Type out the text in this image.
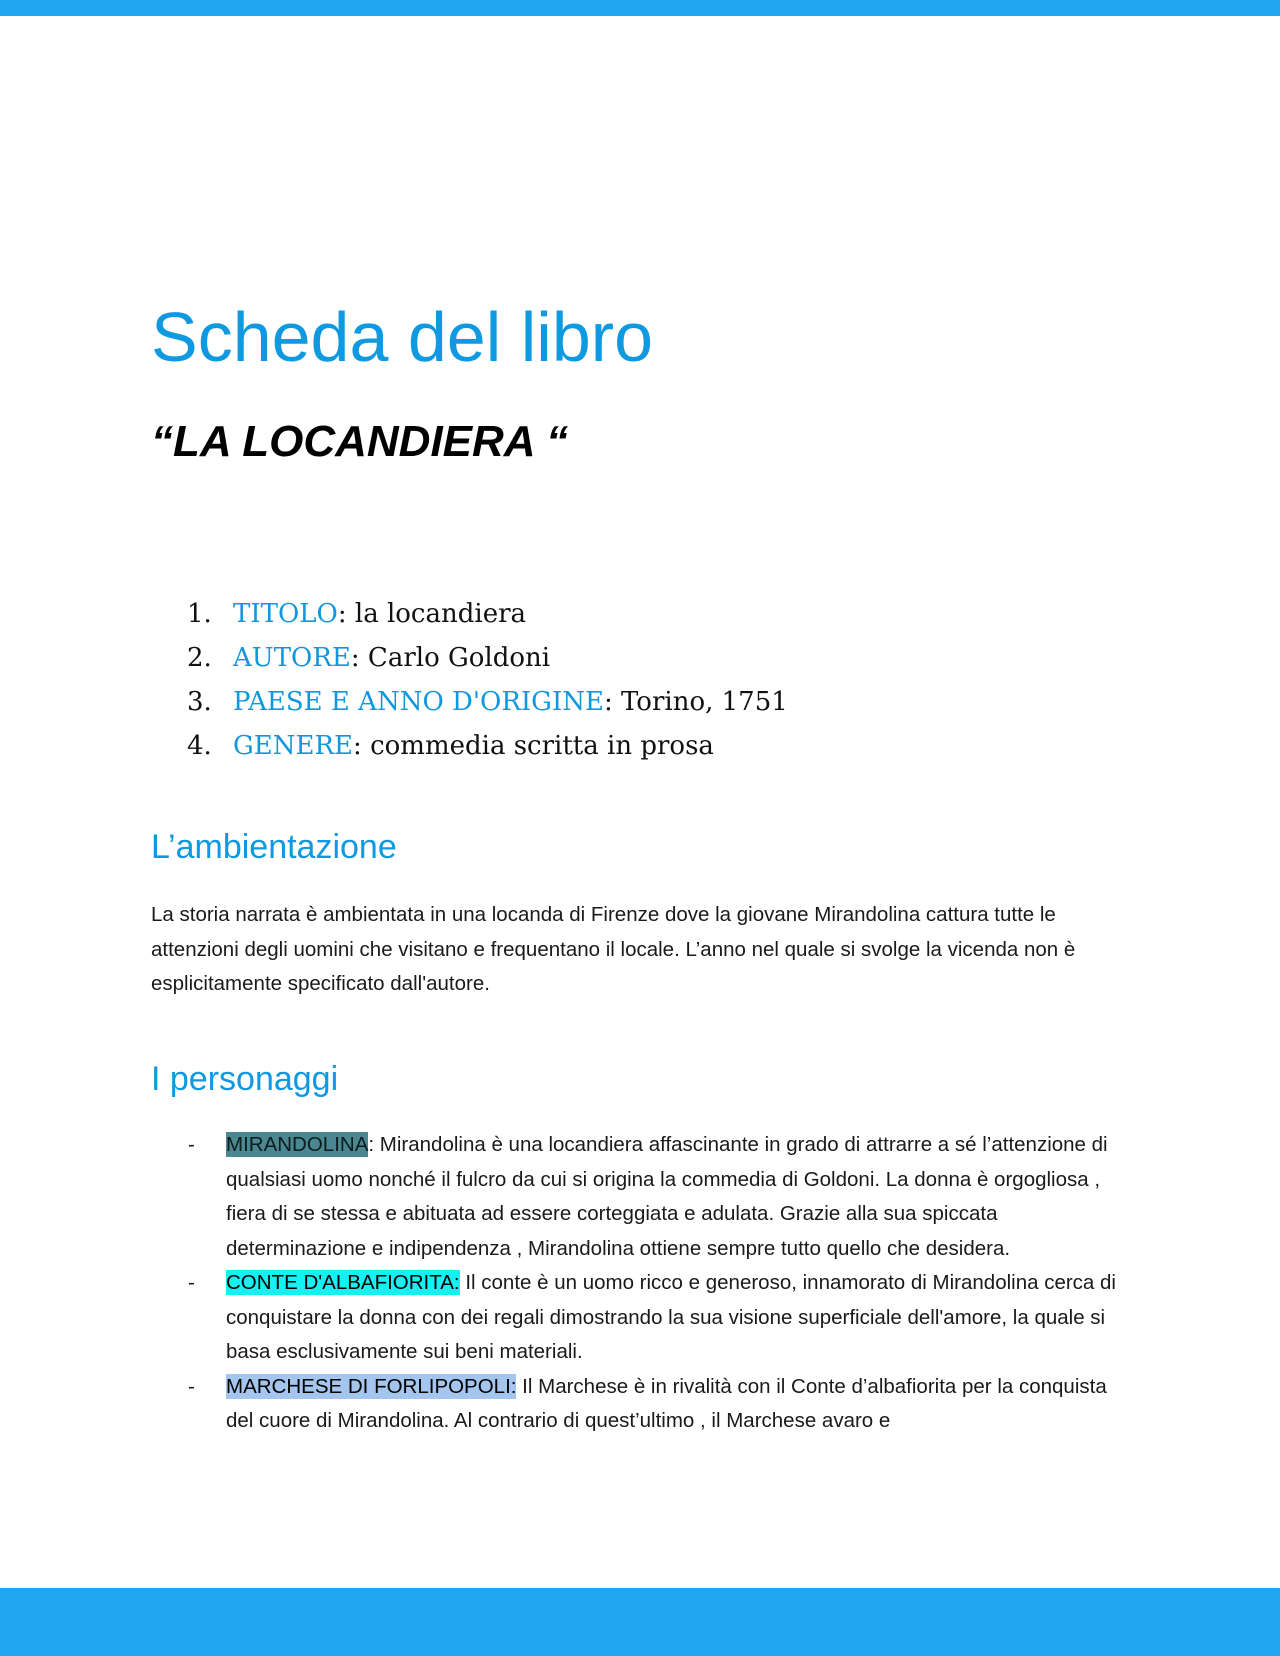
Scheda del libro
“LA LOCANDIERA “
1. TITOLO: la locandiera
2. AUTORE: Carlo Goldoni
3. PAESE E ANNO D'ORIGINE: Torino, 1751
4. GENERE: commedia scritta in prosa
L’ambientazione

La storia narrata è ambientata in una locanda di Firenze dove la giovane Mirandolina cattura tutte le attenzioni degli uomini che visitano e frequentano il locale. L’anno nel quale si svolge la vicenda non è esplicitamente specificato dall'autore.

I personaggi
- MIRANDOLINA: Mirandolina è una locandiera affascinante in grado di attrarre a sé l’attenzione di qualsiasi uomo nonché il fulcro da cui si origina la commedia di Goldoni. La donna è orgogliosa , fiera di se stessa e abituata ad essere corteggiata e adulata. Grazie alla sua spiccata determinazione e indipendenza , Mirandolina ottiene sempre tutto quello che desidera.
- CONTE D'ALBAFIORITA: Il conte è un uomo ricco e generoso, innamorato di Mirandolina cerca di conquistare la donna con dei regali dimostrando la sua visione superficiale dell'amore, la quale si basa esclusivamente sui beni materiali.
- MARCHESE DI FORLIPOPOLI: Il Marchese è in rivalità con il Conte d’albafiorita per la conquista del cuore di Mirandolina. Al contrario di quest’ultimo , il Marchese avaro e
